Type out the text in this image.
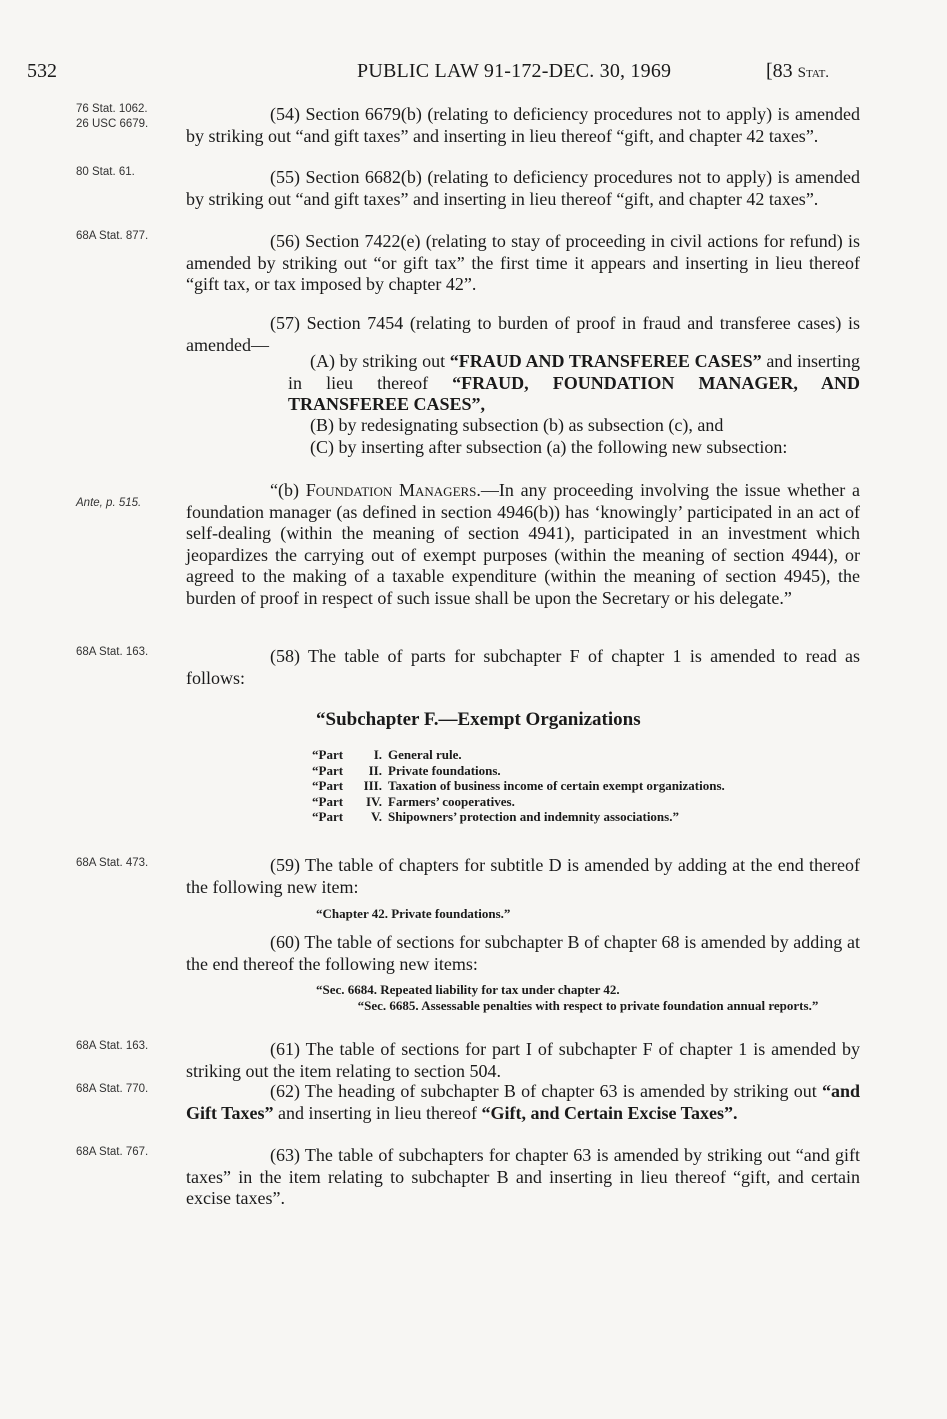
532	PUBLIC LAW 91-172-DEC. 30, 1969	[83 Stat.
76 Stat. 1062.
26 USC 6679.
80 Stat. 61.
68A Stat. 877.
Ante, p. 515.
68A Stat. 163.
68A Stat. 473.
68A Stat. 163.
68A Stat. 770.
68A Stat. 767.
(54) Section 6679(b) (relating to deficiency procedures not to apply) is amended by striking out “and gift taxes” and inserting in lieu thereof “gift, and chapter 42 taxes”.
(55) Section 6682(b) (relating to deficiency procedures not to apply) is amended by striking out “and gift taxes” and inserting in lieu thereof “gift, and chapter 42 taxes”.
(56) Section 7422(e) (relating to stay of proceeding in civil actions for refund) is amended by striking out “or gift tax” the first time it appears and inserting in lieu thereof “gift tax, or tax imposed by chapter 42”.
(57) Section 7454 (relating to burden of proof in fraud and transferee cases) is amended—
(A) by striking out “FRAUD AND TRANSFEREE CASES” and inserting in lieu thereof “FRAUD, FOUNDATION MANAGER, AND TRANSFEREE CASES”,
(B) by redesignating subsection (b) as subsection (c), and
(C) by inserting after subsection (a) the following new subsection:
“(b) Foundation Managers.—In any proceeding involving the issue whether a foundation manager (as defined in section 4946(b)) has ‘knowingly’ participated in an act of self-dealing (within the meaning of section 4941), participated in an investment which jeopardizes the carrying out of exempt purposes (within the meaning of section 4944), or agreed to the making of a taxable expenditure (within the meaning of section 4945), the burden of proof in respect of such issue shall be upon the Secretary or his delegate.”
(58) The table of parts for subchapter F of chapter 1 is amended to read as follows:
“Subchapter F.—Exempt Organizations
“Part	I. General rule.
“Part	II. Private foundations.
“Part	III. Taxation of business income of certain exempt organizations.
“Part	IV. Farmers’ cooperatives.
“Part	V. Shipowners’ protection and indemnity associations.”
(59) The table of chapters for subtitle D is amended by adding at the end thereof the following new item:
“Chapter 42. Private foundations.”
(60) The table of sections for subchapter B of chapter 68 is amended by adding at the end thereof the following new items:
“Sec. 6684. Repeated liability for tax under chapter 42.
“Sec. 6685. Assessable penalties with respect to private foundation annual reports.”
(61) The table of sections for part I of subchapter F of chapter 1 is amended by striking out the item relating to section 504.
(62) The heading of subchapter B of chapter 63 is amended by striking out “and Gift Taxes” and inserting in lieu thereof “Gift, and Certain Excise Taxes”.
(63) The table of subchapters for chapter 63 is amended by striking out “and gift taxes” in the item relating to subchapter B and inserting in lieu thereof “gift, and certain excise taxes”.
